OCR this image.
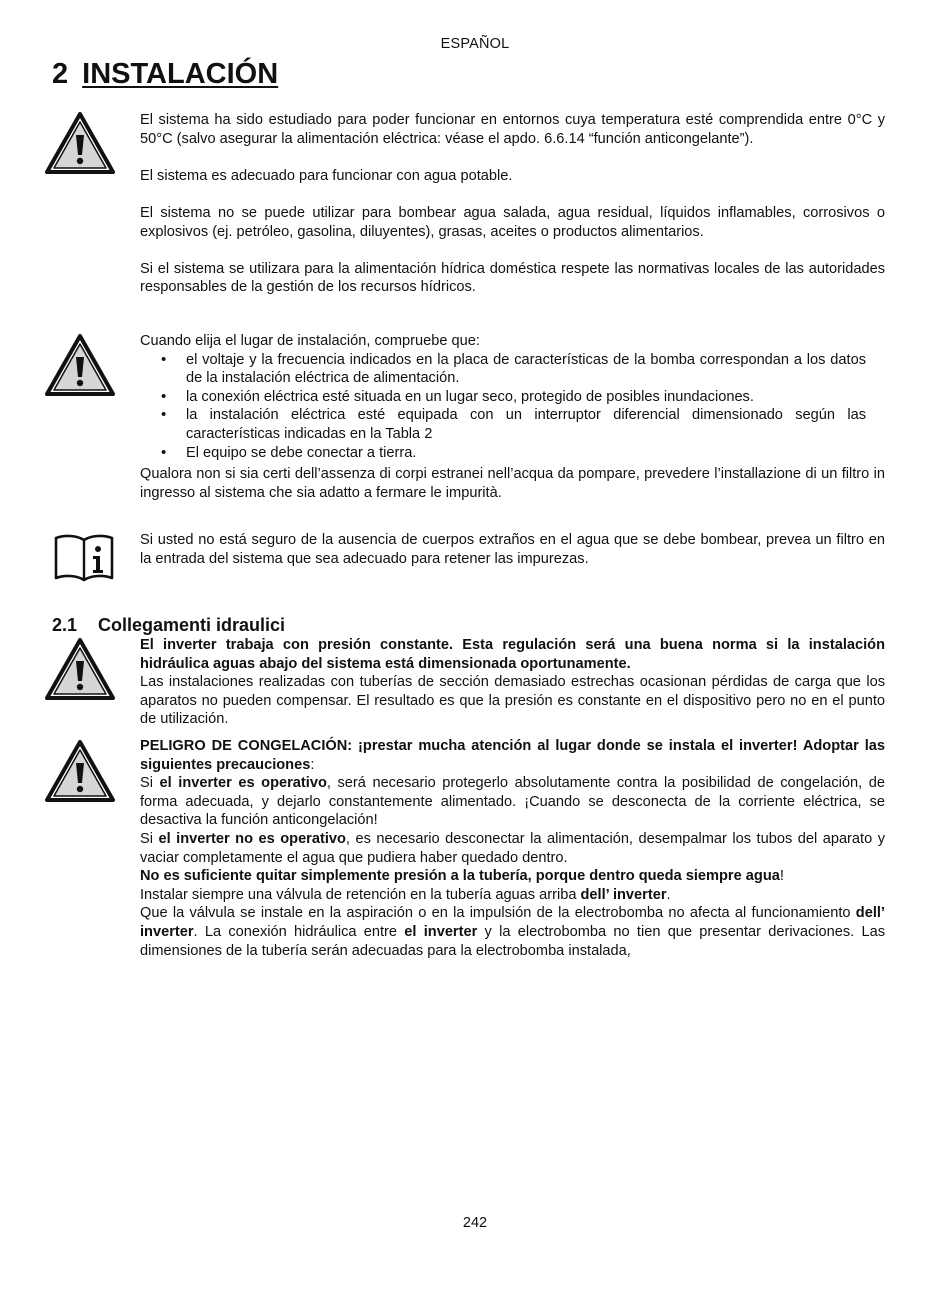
ESPAÑOL
2 INSTALACIÓN

El sistema ha sido estudiado para poder funcionar en entornos cuya temperatura esté comprendida entre 0°C y 50°C (salvo asegurar la alimentación eléctrica: véase el apdo. 6.6.14 “función anticongelante”).

El sistema es adecuado para funcionar con agua potable.

El sistema no se puede utilizar para bombear agua salada, agua residual, líquidos inflamables, corrosivos o explosivos (ej. petróleo, gasolina, diluyentes), grasas, aceites o productos alimentarios.

Si el sistema se utilizara para la alimentación hídrica doméstica respete las normativas locales de las autoridades responsables de la gestión de los recursos hídricos.

Cuando elija el lugar de instalación, compruebe que:

• el voltaje y la frecuencia indicados en la placa de características de la bomba correspondan a los datos de la instalación eléctrica de alimentación.
• la conexión eléctrica esté situada en un lugar seco, protegido de posibles inundaciones.
• la instalación eléctrica esté equipada con un interruptor diferencial dimensionado según las características indicadas en la Tabla 2
• El equipo se debe conectar a tierra.

Qualora non si sia certi dell’assenza di corpi estranei nell’acqua da pompare, prevedere l’installazione di un filtro in ingresso al sistema che sia adatto a fermare le impurità.

Si usted no está seguro de la ausencia de cuerpos extraños en el agua que se debe bombear, prevea un filtro en la entrada del sistema que sea adecuado para retener las impurezas.

2.1 Collegamenti idraulici

El inverter trabaja con presión constante. Esta regulación será una buena norma si la instalación hidráulica aguas abajo del sistema está dimensionada oportunamente.

Las instalaciones realizadas con tuberías de sección demasiado estrechas ocasionan pérdidas de carga que los aparatos no pueden compensar. El resultado es que la presión es constante en el dispositivo pero no en el punto de utilización.

PELIGRO DE CONGELACIÓN: ¡prestar mucha atención al lugar donde se instala el inverter! Adoptar las siguientes precauciones:

Si el inverter es operativo, será necesario protegerlo absolutamente contra la posibilidad de congelación, de forma adecuada, y dejarlo constantemente alimentado. ¡Cuando se desconecta de la corriente eléctrica, se desactiva la función anticongelación!

Si el inverter no es operativo, es necesario desconectar la alimentación, desempalmar los tubos del aparato y vaciar completamente el agua que pudiera haber quedado dentro.

No es suficiente quitar simplemente presión a la tubería, porque dentro queda siempre agua!

Instalar siempre una válvula de retención en la tubería aguas arriba dell’ inverter.

Que la válvula se instale en la aspiración o en la impulsión de la electrobomba no afecta al funcionamiento dell’ inverter. La conexión hidráulica entre el inverter y la electrobomba no tien que presentar derivaciones. Las dimensiones de la tubería serán adecuadas para la electrobomba instalada,

242
